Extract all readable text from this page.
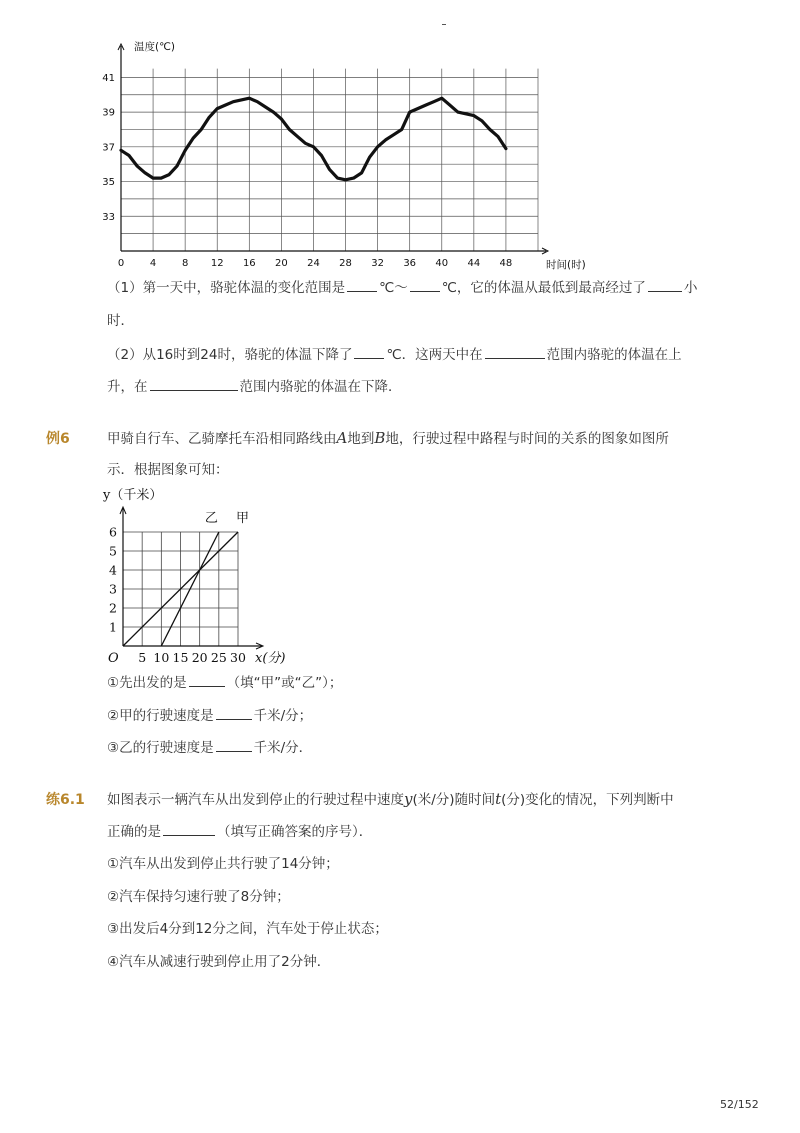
0	4	8 12 16 20 24 28 32 36 40 44 48
33
35
37
39
41
温度(℃)
时间(时)
（1）第一天中，骆驼体温的变化范围是	℃～	℃，它的体温从最低到最高经过了	小
时．
（2）从16时到24时，骆驼的体温下降了	℃．这两天中在	范围内骆驼的体温在上
升，在	范围内骆驼的体温在下降．
例6	甲骑自行车、乙骑摩托车沿相同路线由A地到B地，行驶过程中路程与时间的关系的图象如图所
示．根据图象可知：
5 10 15 20 25 30
1
2
3
4
5
6
甲
乙
y（千米）
x(分)
O
①先出发的是	（填“甲”或“乙”）；
②甲的行驶速度是	千米/分；
③乙的行驶速度是	千米/分．
练6.1 如图表示一辆汽车从出发到停止的行驶过程中速度y(米/分)随时间t(分)变化的情况，下列判断中
正确的是	（填写正确答案的序号）．
①汽车从出发到停止共行驶了14分钟；
②汽车保持匀速行驶了8分钟；
③出发后4分到12分之间，汽车处于停止状态；
④汽车从减速行驶到停止用了2分钟．
52/152
